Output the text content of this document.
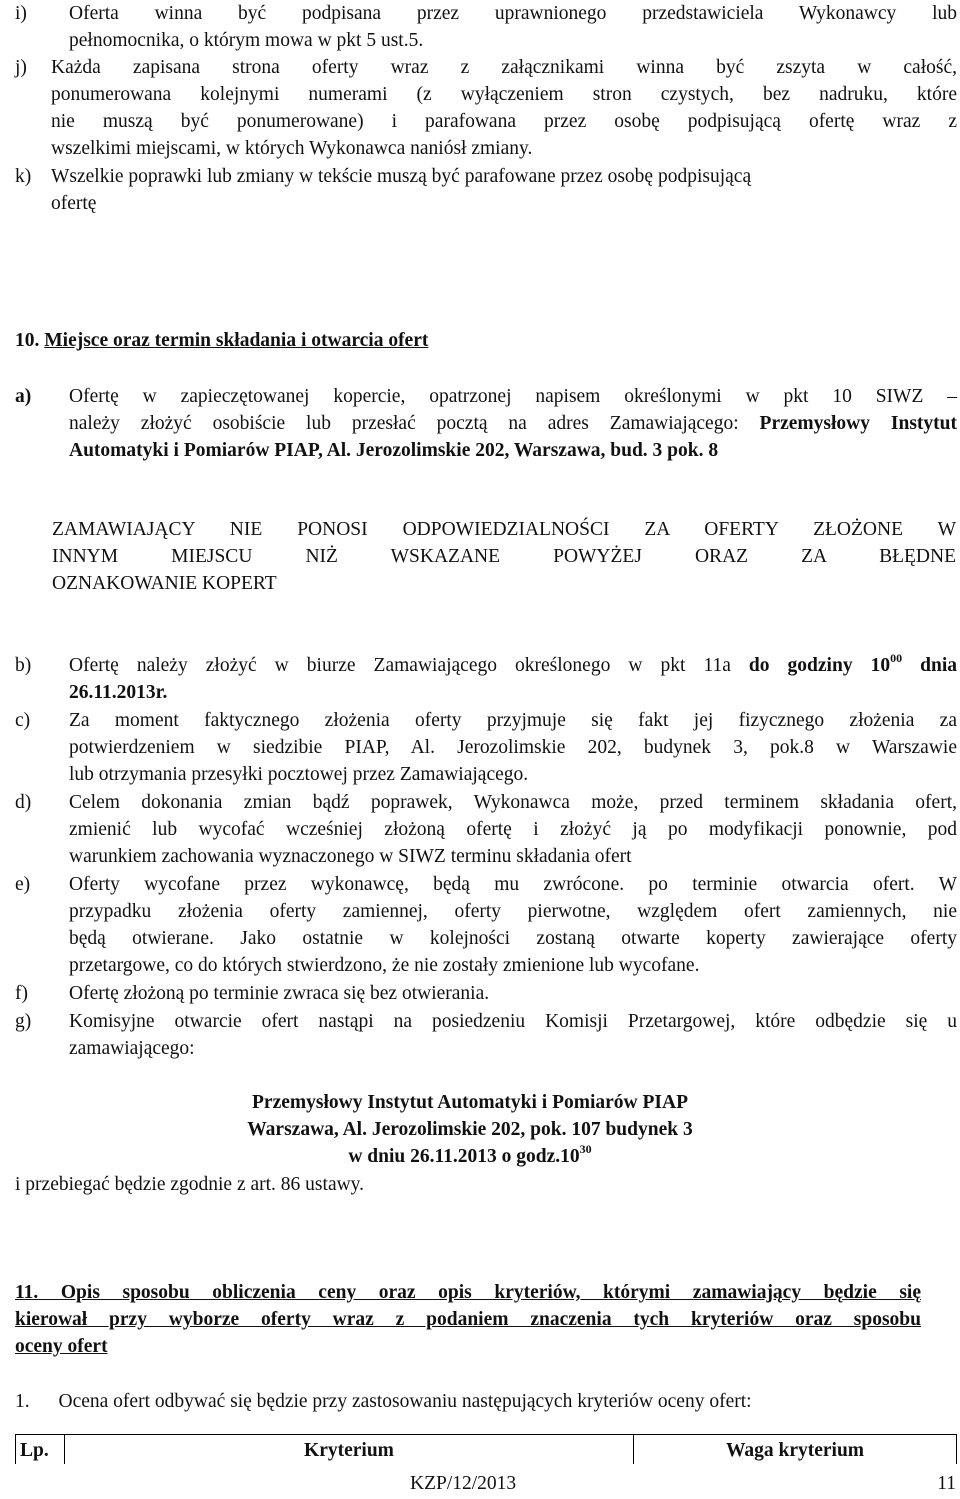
i) Oferta winna być podpisana przez uprawnionego przedstawiciela Wykonawcy lub
pełnomocnika, o którym mowa w pkt 5 ust.5.
j) Każda zapisana strona oferty wraz z załącznikami winna być zszyta w całość,
ponumerowana kolejnymi numerami (z wyłączeniem stron czystych, bez nadruku, które
nie muszą być ponumerowane) i parafowana przez osobę podpisującą ofertę wraz z
wszelkimi miejscami, w których Wykonawca naniósł zmiany.
k) Wszelkie poprawki lub zmiany w tekście muszą być parafowane przez osobę podpisującą
ofertę
10. Miejsce oraz termin składania i otwarcia ofert
a) Ofertę w zapieczętowanej kopercie, opatrzonej napisem określonymi w pkt 10 SIWZ –
należy złożyć osobiście lub przesłać pocztą na adres Zamawiającego: Przemysłowy Instytut
Automatyki i Pomiarów PIAP, Al. Jerozolimskie 202, Warszawa, bud. 3 pok. 8
ZAMAWIAJĄCY NIE PONOSI ODPOWIEDZIALNOŚCI ZA OFERTY ZŁOŻONE W
INNYM MIEJSCU NIŻ WSKAZANE POWYŻEJ ORAZ ZA BŁĘDNE
OZNAKOWANIE KOPERT
b) Ofertę należy złożyć w biurze Zamawiającego określonego w pkt 11a do godziny $10^{00}$ dnia
26.11.2013r.
c) Za moment faktycznego złożenia oferty przyjmuje się fakt jej fizycznego złożenia za
potwierdzeniem w siedzibie PIAP, Al. Jerozolimskie 202, budynek 3, pok.8 w Warszawie
lub otrzymania przesyłki pocztowej przez Zamawiającego.
d) Celem dokonania zmian bądź poprawek, Wykonawca może, przed terminem składania ofert,
zmienić lub wycofać wcześniej złożoną ofertę i złożyć ją po modyfikacji ponownie, pod
warunkiem zachowania wyznaczonego w SIWZ terminu składania ofert
e) Oferty wycofane przez wykonawcę, będą mu zwrócone. po terminie otwarcia ofert. W
przypadku złożenia oferty zamiennej, oferty pierwotne, względem ofert zamiennych, nie
będą otwierane. Jako ostatnie w kolejności zostaną otwarte koperty zawierające oferty
przetargowe, co do których stwierdzono, że nie zostały zmienione lub wycofane.
f) Ofertę złożoną po terminie zwraca się bez otwierania.
g) Komisyjne otwarcie ofert nastąpi na posiedzeniu Komisji Przetargowej, które odbędzie się u
zamawiającego:
Przemysłowy Instytut Automatyki i Pomiarów PIAP
Warszawa, Al. Jerozolimskie 202, pok. 107 budynek 3
w dniu 26.11.2013 o $godz.10^{30}$
i przebiegać będzie zgodnie z art. 86 ustawy.
11. Opis sposobu obliczenia ceny oraz opis kryteriów, którymi zamawiający będzie się
kierował przy wyborze oferty wraz z podaniem znaczenia tych kryteriów oraz sposobu
oceny ofert
1. Ocena ofert odbywać się będzie przy zastosowaniu następujących kryteriów oceny ofert:
Lp.	Kryterium	Waga kryterium
KZP/12/2013	11
